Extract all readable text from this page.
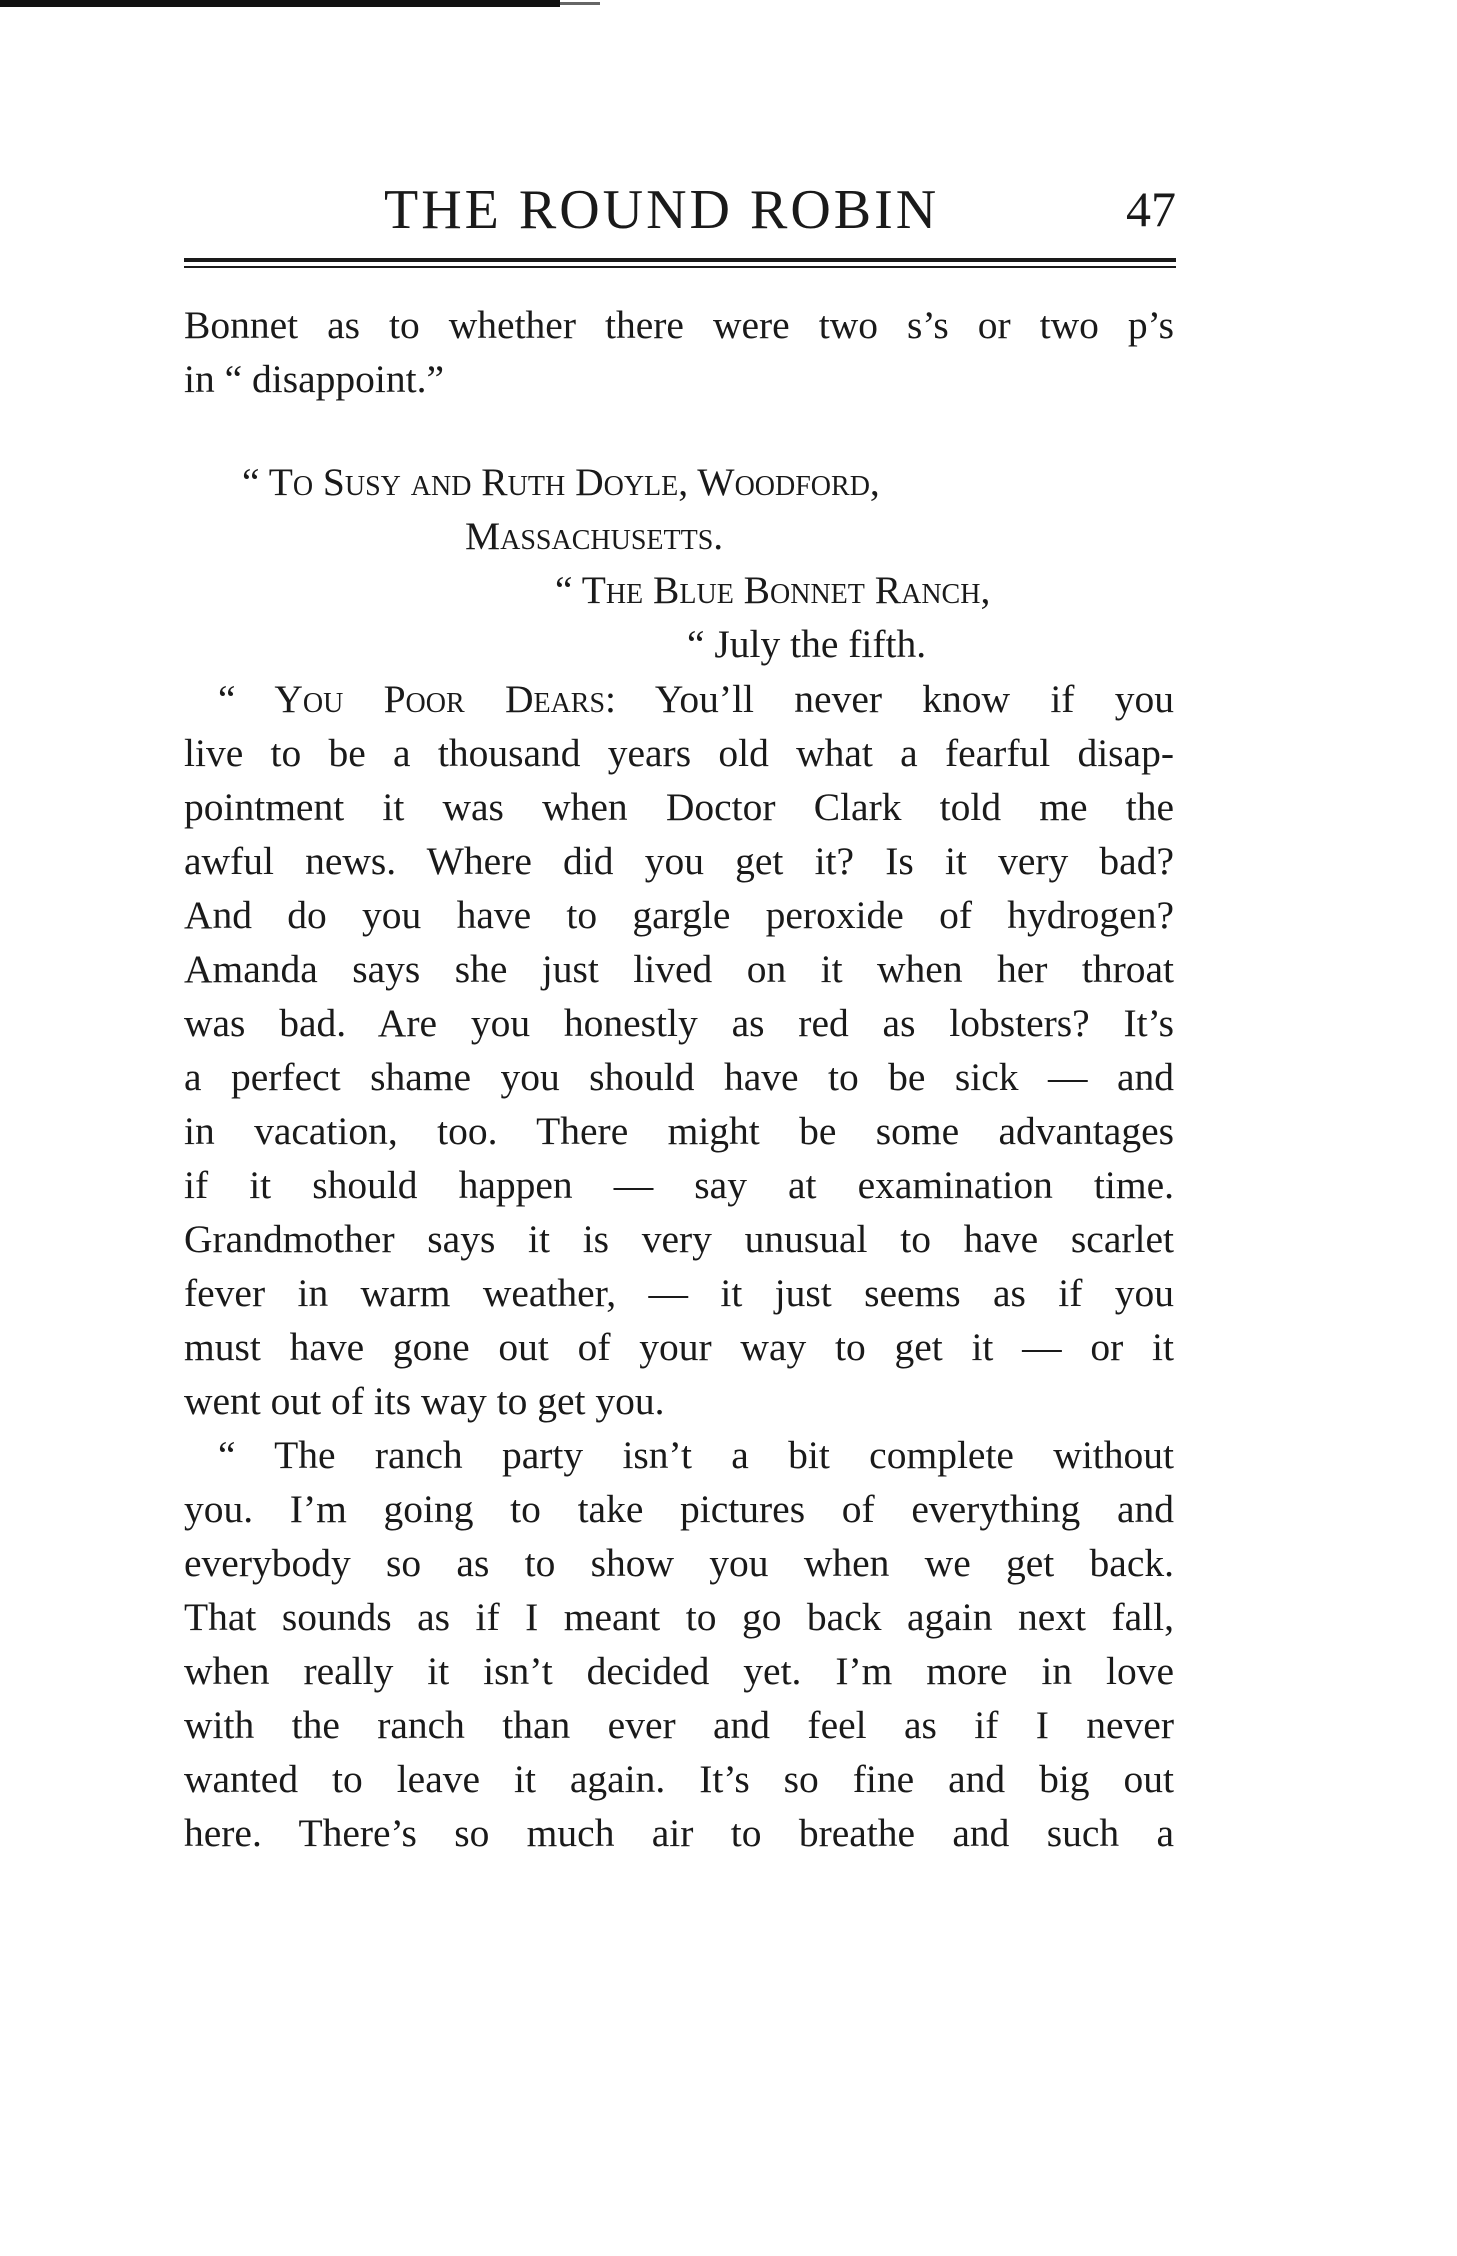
THE ROUND ROBIN	47
Bonnet as to whether there were two s’s or two p’s
in “ disappoint.”
“ To Susy and Ruth Doyle, Woodford,
Massachusetts.
“ The Blue Bonnet Ranch,
“ July the fifth.
“ You Poor Dears: You’ll never know if you
live to be a thousand years old what a fearful disap-
pointment it was when Doctor Clark told me the
awful news. Where did you get it? Is it very bad?
And do you have to gargle peroxide of hydrogen?
Amanda says she just lived on it when her throat
was bad. Are you honestly as red as lobsters? It’s
a perfect shame you should have to be sick — and
in vacation, too. There might be some advantages
if it should happen — say at examination time.
Grandmother says it is very unusual to have scarlet
fever in warm weather, — it just seems as if you
must have gone out of your way to get it — or it
went out of its way to get you.
“ The ranch party isn’t a bit complete without
you. I’m going to take pictures of everything and
everybody so as to show you when we get back.
That sounds as if I meant to go back again next fall,
when really it isn’t decided yet. I’m more in love
with the ranch than ever and feel as if I never
wanted to leave it again. It’s so fine and big out
here. There’s so much air to breathe and such a
